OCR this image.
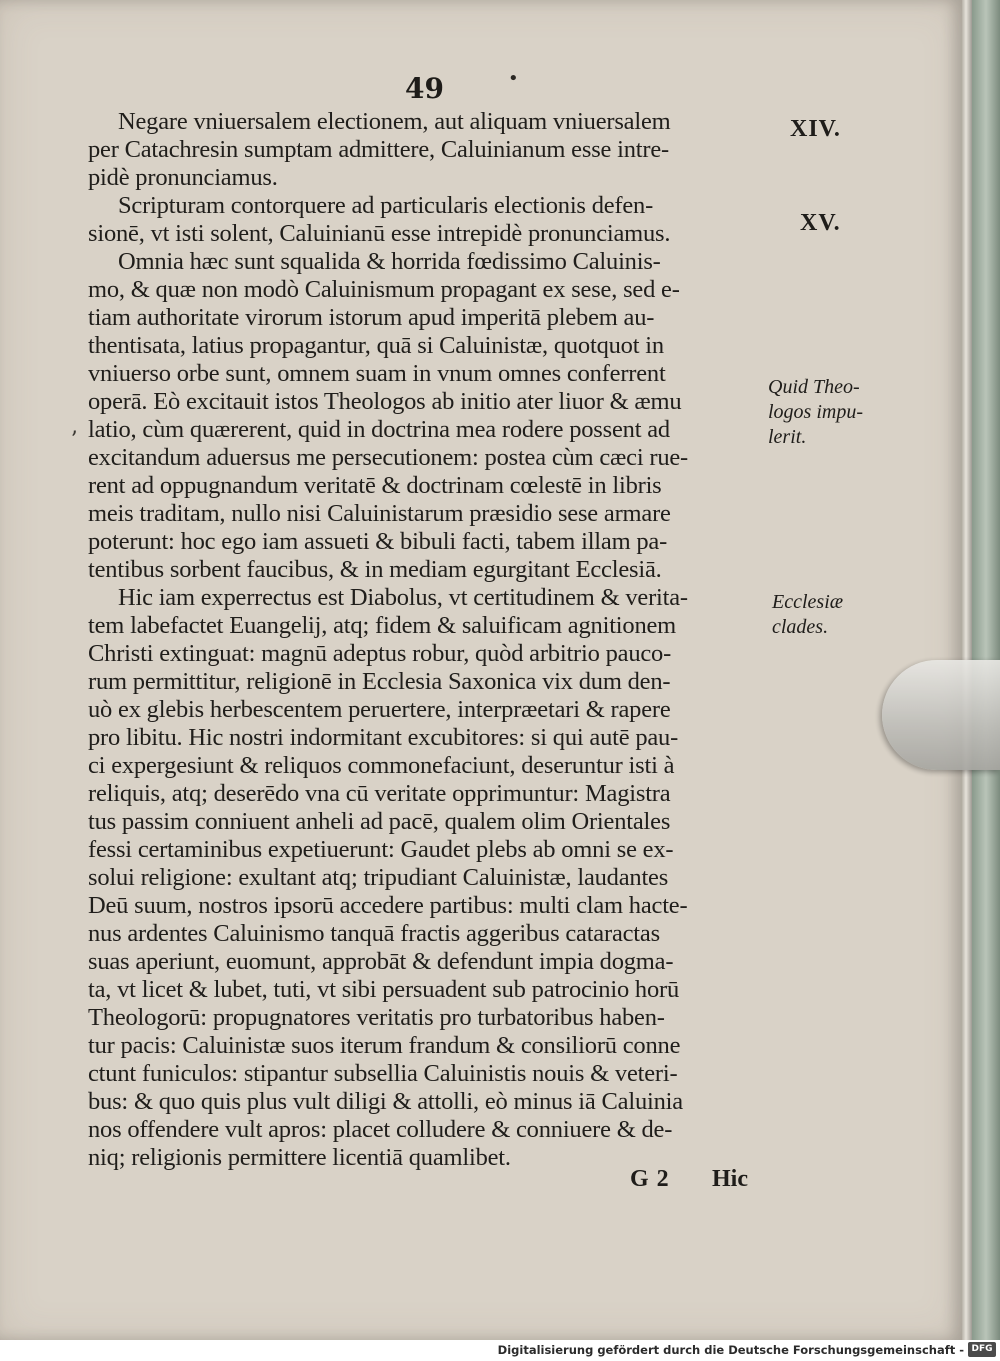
49	•
ʼ
Negare vniuersalem electionem, aut aliquam vniuersalem
per Catachresin sumptam admittere, Caluinianum esse intre-
pidè pronunciamus.
Scripturam contorquere ad particularis electionis defen-
sionē, vt isti solent, Caluinianū esse intrepidè pronunciamus.
Omnia hæc sunt squalida & horrida fœdissimo Caluinis-
mo, & quæ non modò Caluinismum propagant ex sese, sed e-
tiam authoritate virorum istorum apud imperitā plebem au-
thentisata, latius propagantur, quā si Caluinistæ, quotquot in
vniuerso orbe sunt, omnem suam in vnum omnes conferrent
operā. Eò excitauit istos Theologos ab initio ater liuor & æmu
latio, cùm quærerent, quid in doctrina mea rodere possent ad
excitandum aduersus me persecutionem: postea cùm cæci rue-
rent ad oppugnandum veritatē & doctrinam cœlestē in libris
meis traditam, nullo nisi Caluinistarum præsidio sese armare
poterunt: hoc ego iam assueti & bibuli facti, tabem illam pa-
tentibus sorbent faucibus, & in mediam egurgitant Ecclesiā.
Hic iam experrectus est Diabolus, vt certitudinem & verita-
tem labefactet Euangelij, atq; fidem & saluificam agnitionem
Christi extinguat: magnū adeptus robur, quòd arbitrio pauco-
rum permittitur, religionē in Ecclesia Saxonica vix dum den-
uò ex glebis herbescentem peruertere, interpræetari & rapere
pro libitu. Hic nostri indormitant excubitores: si qui autē pau-
ci expergesiunt & reliquos commonefaciunt, deseruntur isti à
reliquis, atq; deserēdo vna cū veritate opprimuntur: Magistra
tus passim conniuent anheli ad pacē, qualem olim Orientales
fessi certaminibus expetiuerunt: Gaudet plebs ab omni se ex-
solui religione: exultant atq; tripudiant Caluinistæ, laudantes
Deū suum, nostros ipsorū accedere partibus: multi clam hacte-
nus ardentes Caluinismo tanquā fractis aggeribus cataractas
suas aperiunt, euomunt, approbāt & defendunt impia dogma-
ta, vt licet & lubet, tuti, vt sibi persuadent sub patrocinio horū
Theologorū: propugnatores veritatis pro turbatoribus haben-
tur pacis: Caluinistæ suos iterum frandum & consiliorū conne
ctunt funiculos: stipantur subsellia Caluinistis nouis & veteri-
bus: & quo quis plus vult diligi & attolli, eò minus iā Caluinia
nos offendere vult apros: placet colludere & conniuere & de-
niq; religionis permittere licentiā quamlibet.
XIV.
XV.
Quid Theo-
logos impu-
lerit.
Ecclesiæ
clades.
G 2 Hic
Digitalisierung gefördert durch die Deutsche Forschungsgemeinschaft - DFG
